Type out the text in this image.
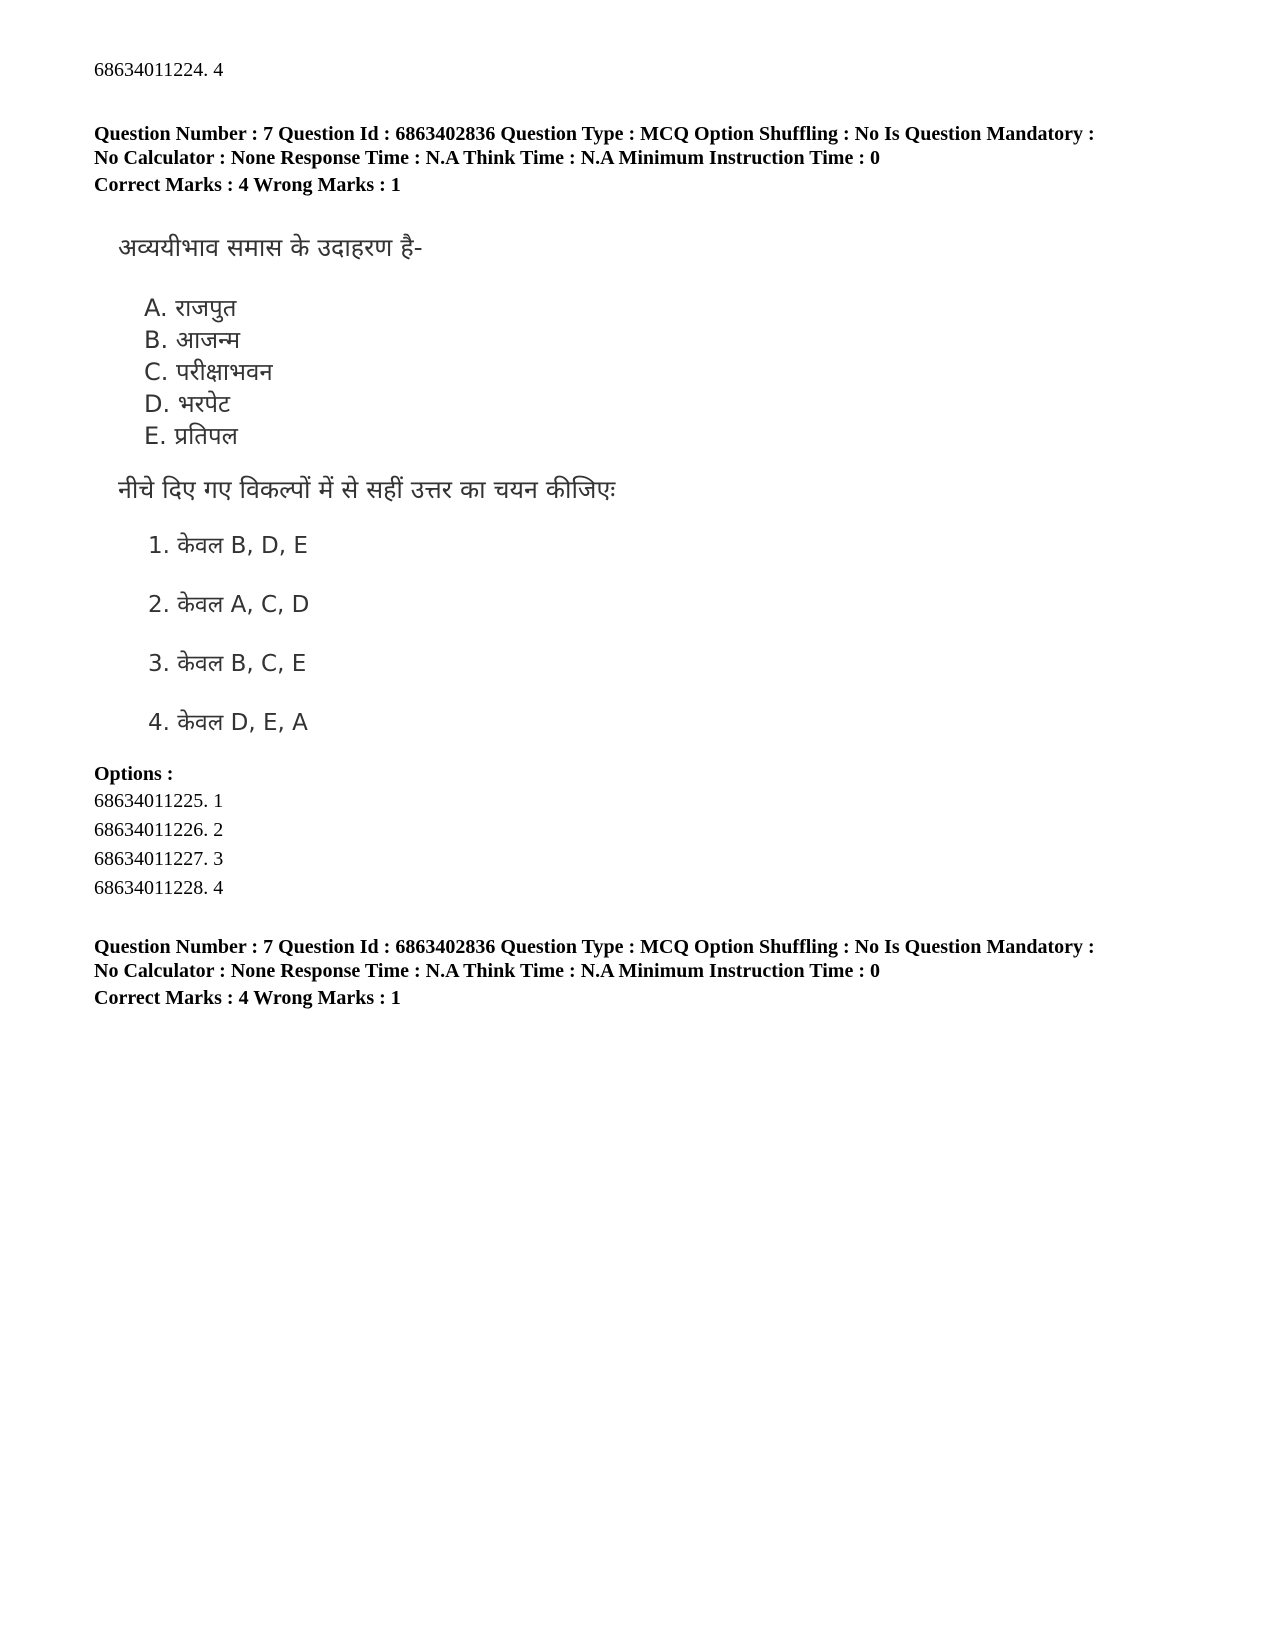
68634011224. 4
Question Number : 7 Question Id : 6863402836 Question Type : MCQ Option Shuffling : No Is Question Mandatory :
No Calculator : None Response Time : N.A Think Time : N.A Minimum Instruction Time : 0
Correct Marks : 4 Wrong Marks : 1
अव्ययीभाव समास के उदाहरण है-
A. राजपुत
B. आजन्म
C. परीक्षाभवन
D. भरपेट
E. प्रतिपल
नीचे दिए गए विकल्पों में से सहीं उत्तर का चयन कीजिएः
1. केवल B, D, E
2. केवल A, C, D
3. केवल B, C, E
4. केवल D, E, A
Options :
68634011225. 1
68634011226. 2
68634011227. 3
68634011228. 4
Question Number : 7 Question Id : 6863402836 Question Type : MCQ Option Shuffling : No Is Question Mandatory :
No Calculator : None Response Time : N.A Think Time : N.A Minimum Instruction Time : 0
Correct Marks : 4 Wrong Marks : 1
